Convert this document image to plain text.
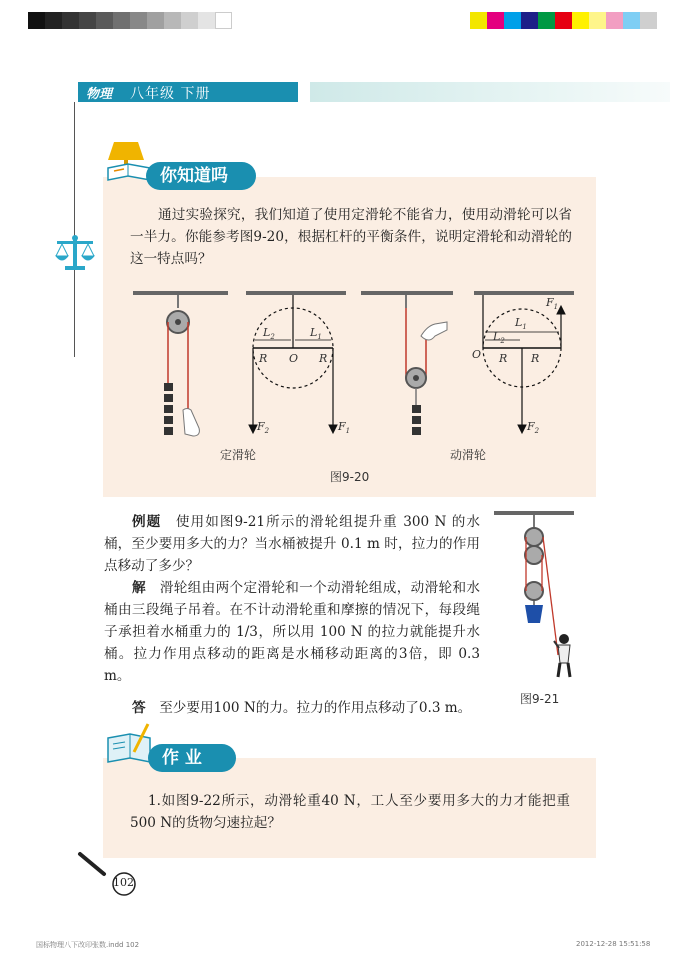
物理 八年级 下册
你知道吗
通过实验探究，我们知道了使用定滑轮不能省力，使用动滑轮可以省一半力。你能参考图9-20，根据杠杆的平衡条件，说明定滑轮和动滑轮的这一特点吗？
$L_2$	$L_1$
R O R
$F_2$	$F_1$
$F_1$
$L_1$
$L_2$
O R R
$F_2$
定滑轮	动滑轮
图9-20
例题　 使用如图9-21所示的滑轮组提升重 300 N 的水桶，至少要用多大的力？当水桶被提升 0.1 m 时，拉力的作用点移动了多少？
解　 滑轮组由两个定滑轮和一个动滑轮组成，动滑轮和水桶由三段绳子吊着。在不计动滑轮重和摩擦的情况下，每段绳子承担着水桶重力的 1/3，所以用 100 N 的拉力就能提升水桶。拉力作用点移动的距离是水桶移动距离的3倍，即 0.3 m。
答　 至少要用100 N的力。拉力的作用点移动了0.3 m。
图9-21
作 业
1.如图9-22所示，动滑轮重40 N，工人至少要用多大的力才能把重500 N的货物匀速拉起？
102
国标物理八下改印张数.indd 102	2012-12-28 15:51:58
